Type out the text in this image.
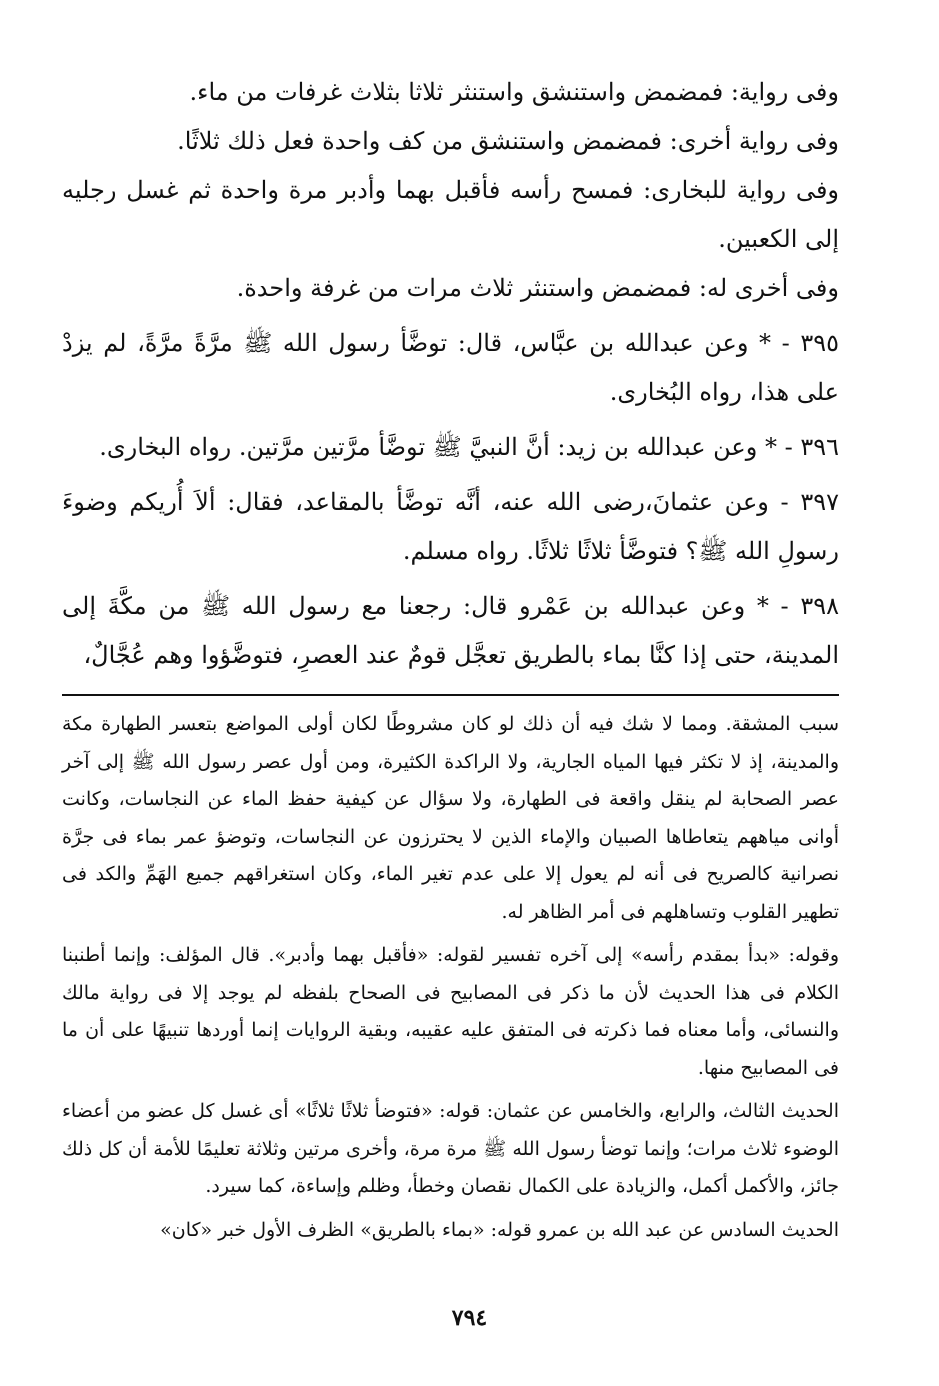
وفى رواية: فمضمض واستنشق واستنثر ثلاثا بثلاث غرفات من ماء.

وفى رواية أخرى: فمضمض واستنشق من كف واحدة فعل ذلك ثلاثًا.

وفى رواية للبخارى: فمسح رأسه فأقبل بهما وأدبر مرة واحدة ثم غسل رجليه إلى الكعبين.

وفى أخرى له: فمضمض واستنثر ثلاث مرات من غرفة واحدة.

٣٩٥ - * وعن عبدالله بن عبَّاس، قال: توضَّأ رسول الله ﷺ مرَّةً مرَّةً، لم يزدْ على هذا، رواه البُخارى.

٣٩٦ - * وعن عبدالله بن زيد: أنَّ النبيَّ ﷺ توضَّأ مرَّتين مرَّتين. رواه البخارى.

٣٩٧ - وعن عثمانَ،رضى الله عنه، أنَّه توضَّأ بالمقاعد، فقال: ألاَ أُريكم وضوءَ رسولِ الله ﷺ؟ فتوضَّأ ثلاثًا ثلاثًا. رواه مسلم.

٣٩٨ - * وعن عبدالله بن عَمْرو قال: رجعنا مع رسول الله ﷺ من مكَّةَ إلى المدينة، حتى إذا كنَّا بماء بالطريق تعجَّل قومٌ عند العصرِ، فتوضَّؤوا وهم عُجَّالٌ،

سبب المشقة. ومما لا شك فيه أن ذلك لو كان مشروطًا لكان أولى المواضع بتعسر الطهارة مكة والمدينة، إذ لا تكثر فيها المياه الجارية، ولا الراكدة الكثيرة، ومن أول عصر رسول الله ﷺ إلى آخر عصر الصحابة لم ينقل واقعة فى الطهارة، ولا سؤال عن كيفية حفظ الماء عن النجاسات، وكانت أوانى مياههم يتعاطاها الصبيان والإماء الذين لا يحترزون عن النجاسات، وتوضؤ عمر بماء فى جرَّة نصرانية كالصريح فى أنه لم يعول إلا على عدم تغير الماء، وكان استغراقهم جميع الهَمِّ والكد فى تطهير القلوب وتساهلهم فى أمر الظاهر له.

وقوله: «بدأ بمقدم رأسه» إلى آخره تفسير لقوله: «فأقبل بهما وأدبر». قال المؤلف: وإنما أطنبنا الكلام فى هذا الحديث لأن ما ذكر فى المصابيح فى الصحاح بلفظه لم يوجد إلا فى رواية مالك والنسائى، وأما معناه فما ذكرته فى المتفق عليه عقيبه، وبقية الروايات إنما أوردها تنبيهًا على أن ما فى المصابيح منها.

الحديث الثالث، والرابع، والخامس عن عثمان: قوله: «فتوضأ ثلاثًا ثلاثًا» أى غسل كل عضو من أعضاء الوضوء ثلاث مرات؛ وإنما توضأ رسول الله ﷺ مرة مرة، وأخرى مرتين وثلاثة تعليمًا للأمة أن كل ذلك جائز، والأكمل أكمل، والزيادة على الكمال نقصان وخطأ، وظلم وإساءة، كما سيرد.

الحديث السادس عن عبد الله بن عمرو قوله: «بماء بالطريق» الظرف الأول خبر «كان»

٧٩٤
